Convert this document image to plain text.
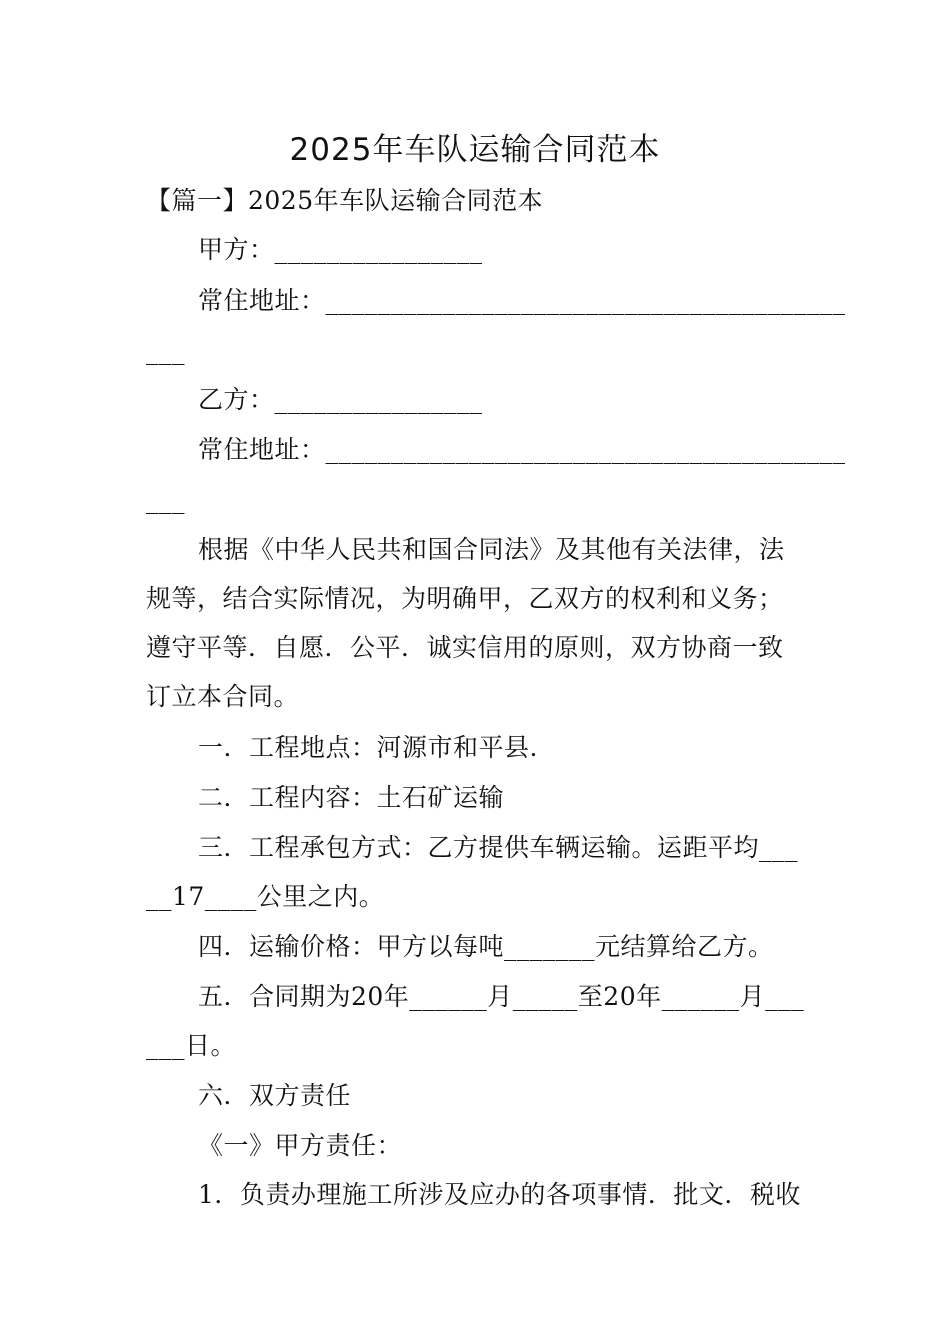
2025年车队运输合同范本
【篇一】2025年车队运输合同范本
甲方：________________
常住地址：________________________________________
___
乙方：________________
常住地址：________________________________________
___
根据《中华人民共和国合同法》及其他有关法律，法
规等，结合实际情况，为明确甲，乙双方的权利和义务；
遵守平等．自愿．公平．诚实信用的原则，双方协商一致
订立本合同。
一．工程地点：河源市和平县.
二．工程内容：土石矿运输
三．工程承包方式：乙方提供车辆运输。运距平均___
__17____公里之内。
四．运输价格：甲方以每吨_______元结算给乙方。
五．合同期为20年______月_____至20年______月___
___日。
六．双方责任
《一》甲方责任：
1．负责办理施工所涉及应办的各项事情．批文．税收
